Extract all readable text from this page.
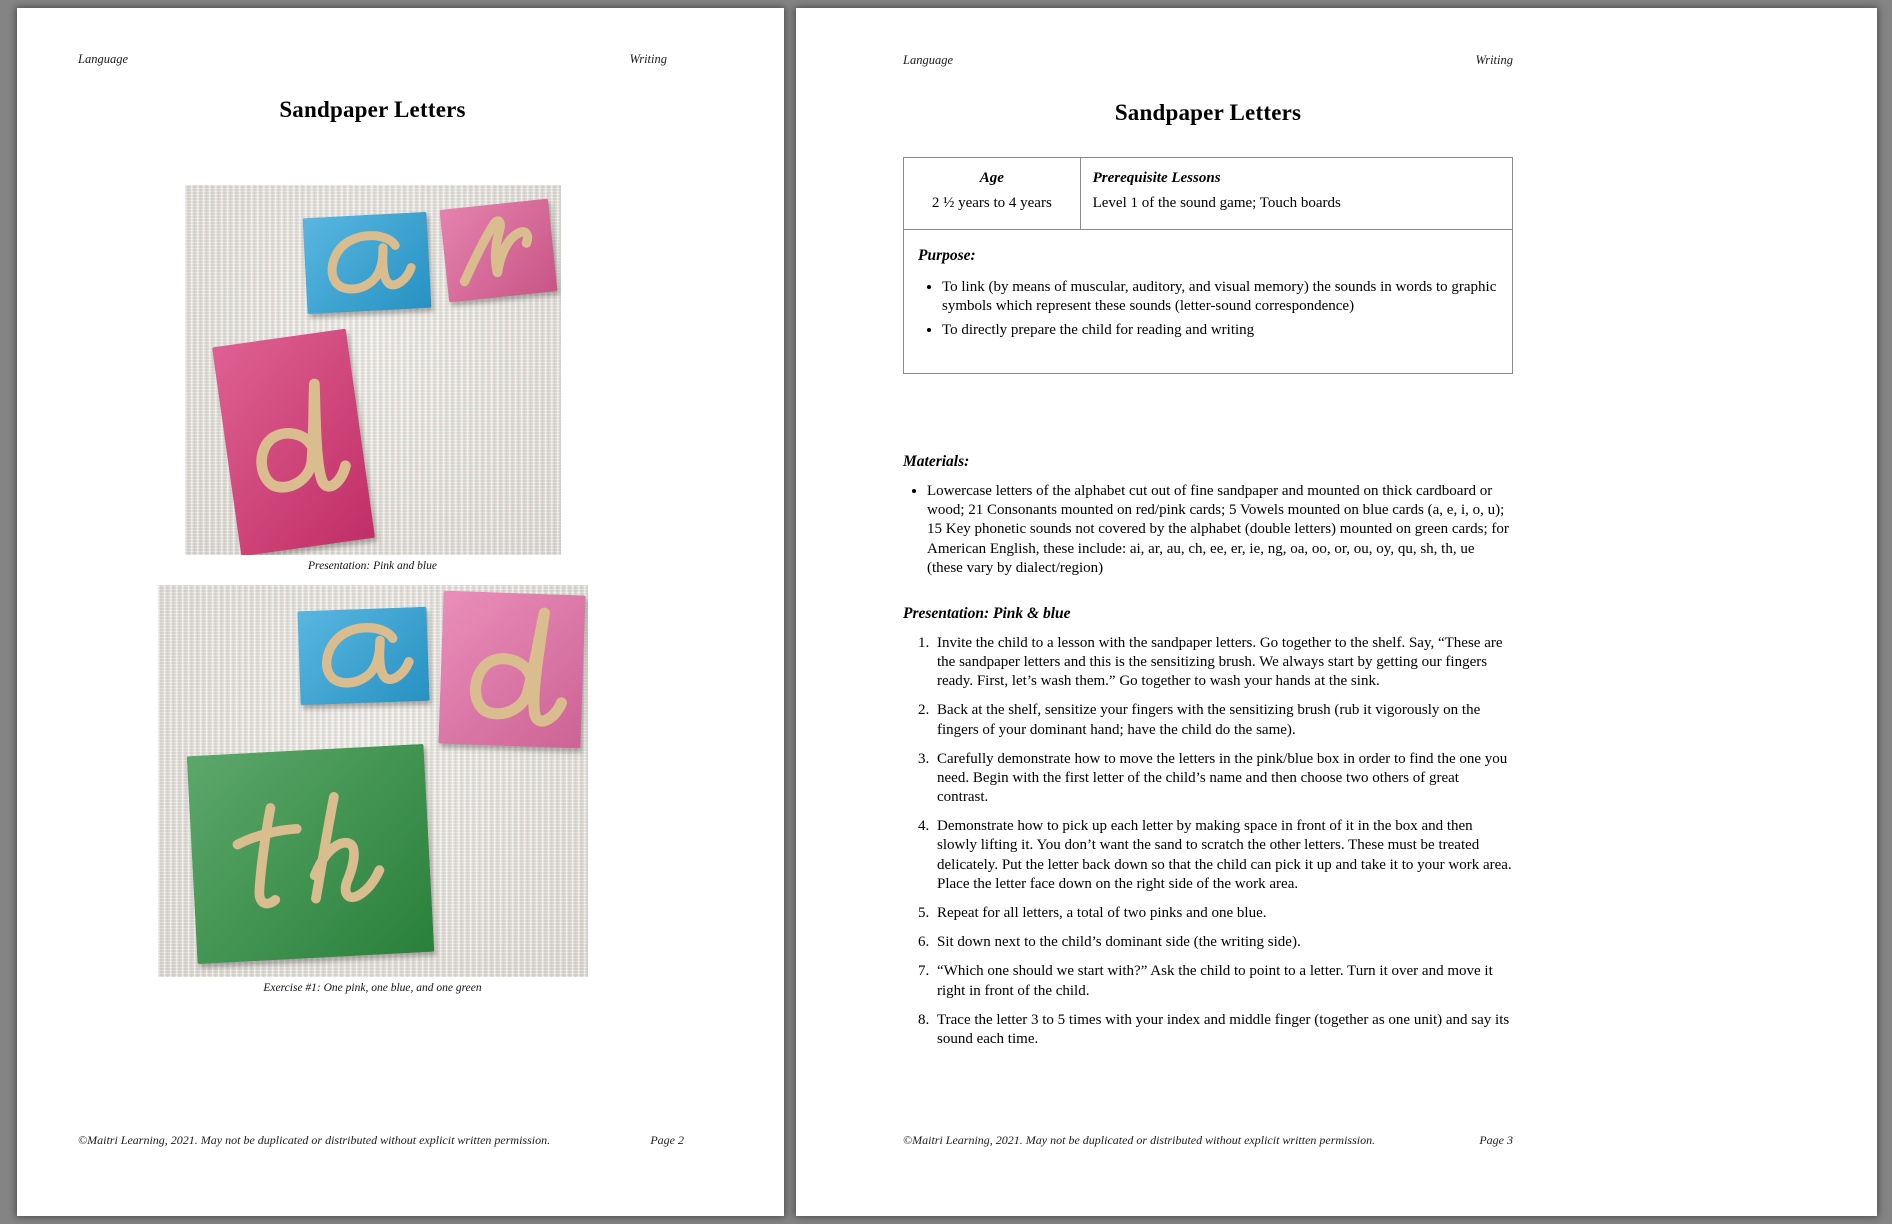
Language	Writing
Sandpaper Letters
Presentation: Pink and blue
Exercise #1: One pink, one blue, and one green
©Maitri Learning, 2021. May not be duplicated or distributed without explicit written permission.	Page 2
Language	Writing
Sandpaper Letters
Age
2 ½ years to 4 years

Prerequisite Lessons
Level 1 of the sound game; Touch boards
Purpose:
• To link (by means of muscular, auditory, and visual memory) the sounds in words to graphic symbols which represent these sounds (letter-sound correspondence)
• To directly prepare the child for reading and writing
Materials:
• Lowercase letters of the alphabet cut out of fine sandpaper and mounted on thick cardboard or wood; 21 Consonants mounted on red/pink cards; 5 Vowels mounted on blue cards (a, e, i, o, u); 15 Key phonetic sounds not covered by the alphabet (double letters) mounted on green cards; for American English, these include: ai, ar, au, ch, ee, er, ie, ng, oa, oo, or, ou, oy, qu, sh, th, ue (these vary by dialect/region)
Presentation: Pink & blue
1. Invite the child to a lesson with the sandpaper letters. Go together to the shelf. Say, “These are the sandpaper letters and this is the sensitizing brush. We always start by getting our fingers ready. First, let’s wash them.” Go together to wash your hands at the sink.
2. Back at the shelf, sensitize your fingers with the sensitizing brush (rub it vigorously on the fingers of your dominant hand; have the child do the same).
3. Carefully demonstrate how to move the letters in the pink/blue box in order to find the one you need. Begin with the first letter of the child’s name and then choose two others of great contrast.
4. Demonstrate how to pick up each letter by making space in front of it in the box and then slowly lifting it. You don’t want the sand to scratch the other letters. These must be treated delicately. Put the letter back down so that the child can pick it up and take it to your work area. Place the letter face down on the right side of the work area.
5. Repeat for all letters, a total of two pinks and one blue.
6. Sit down next to the child’s dominant side (the writing side).
7. “Which one should we start with?” Ask the child to point to a letter. Turn it over and move it right in front of the child.
8. Trace the letter 3 to 5 times with your index and middle finger (together as one unit) and say its sound each time.
©Maitri Learning, 2021. May not be duplicated or distributed without explicit written permission.	Page 3
